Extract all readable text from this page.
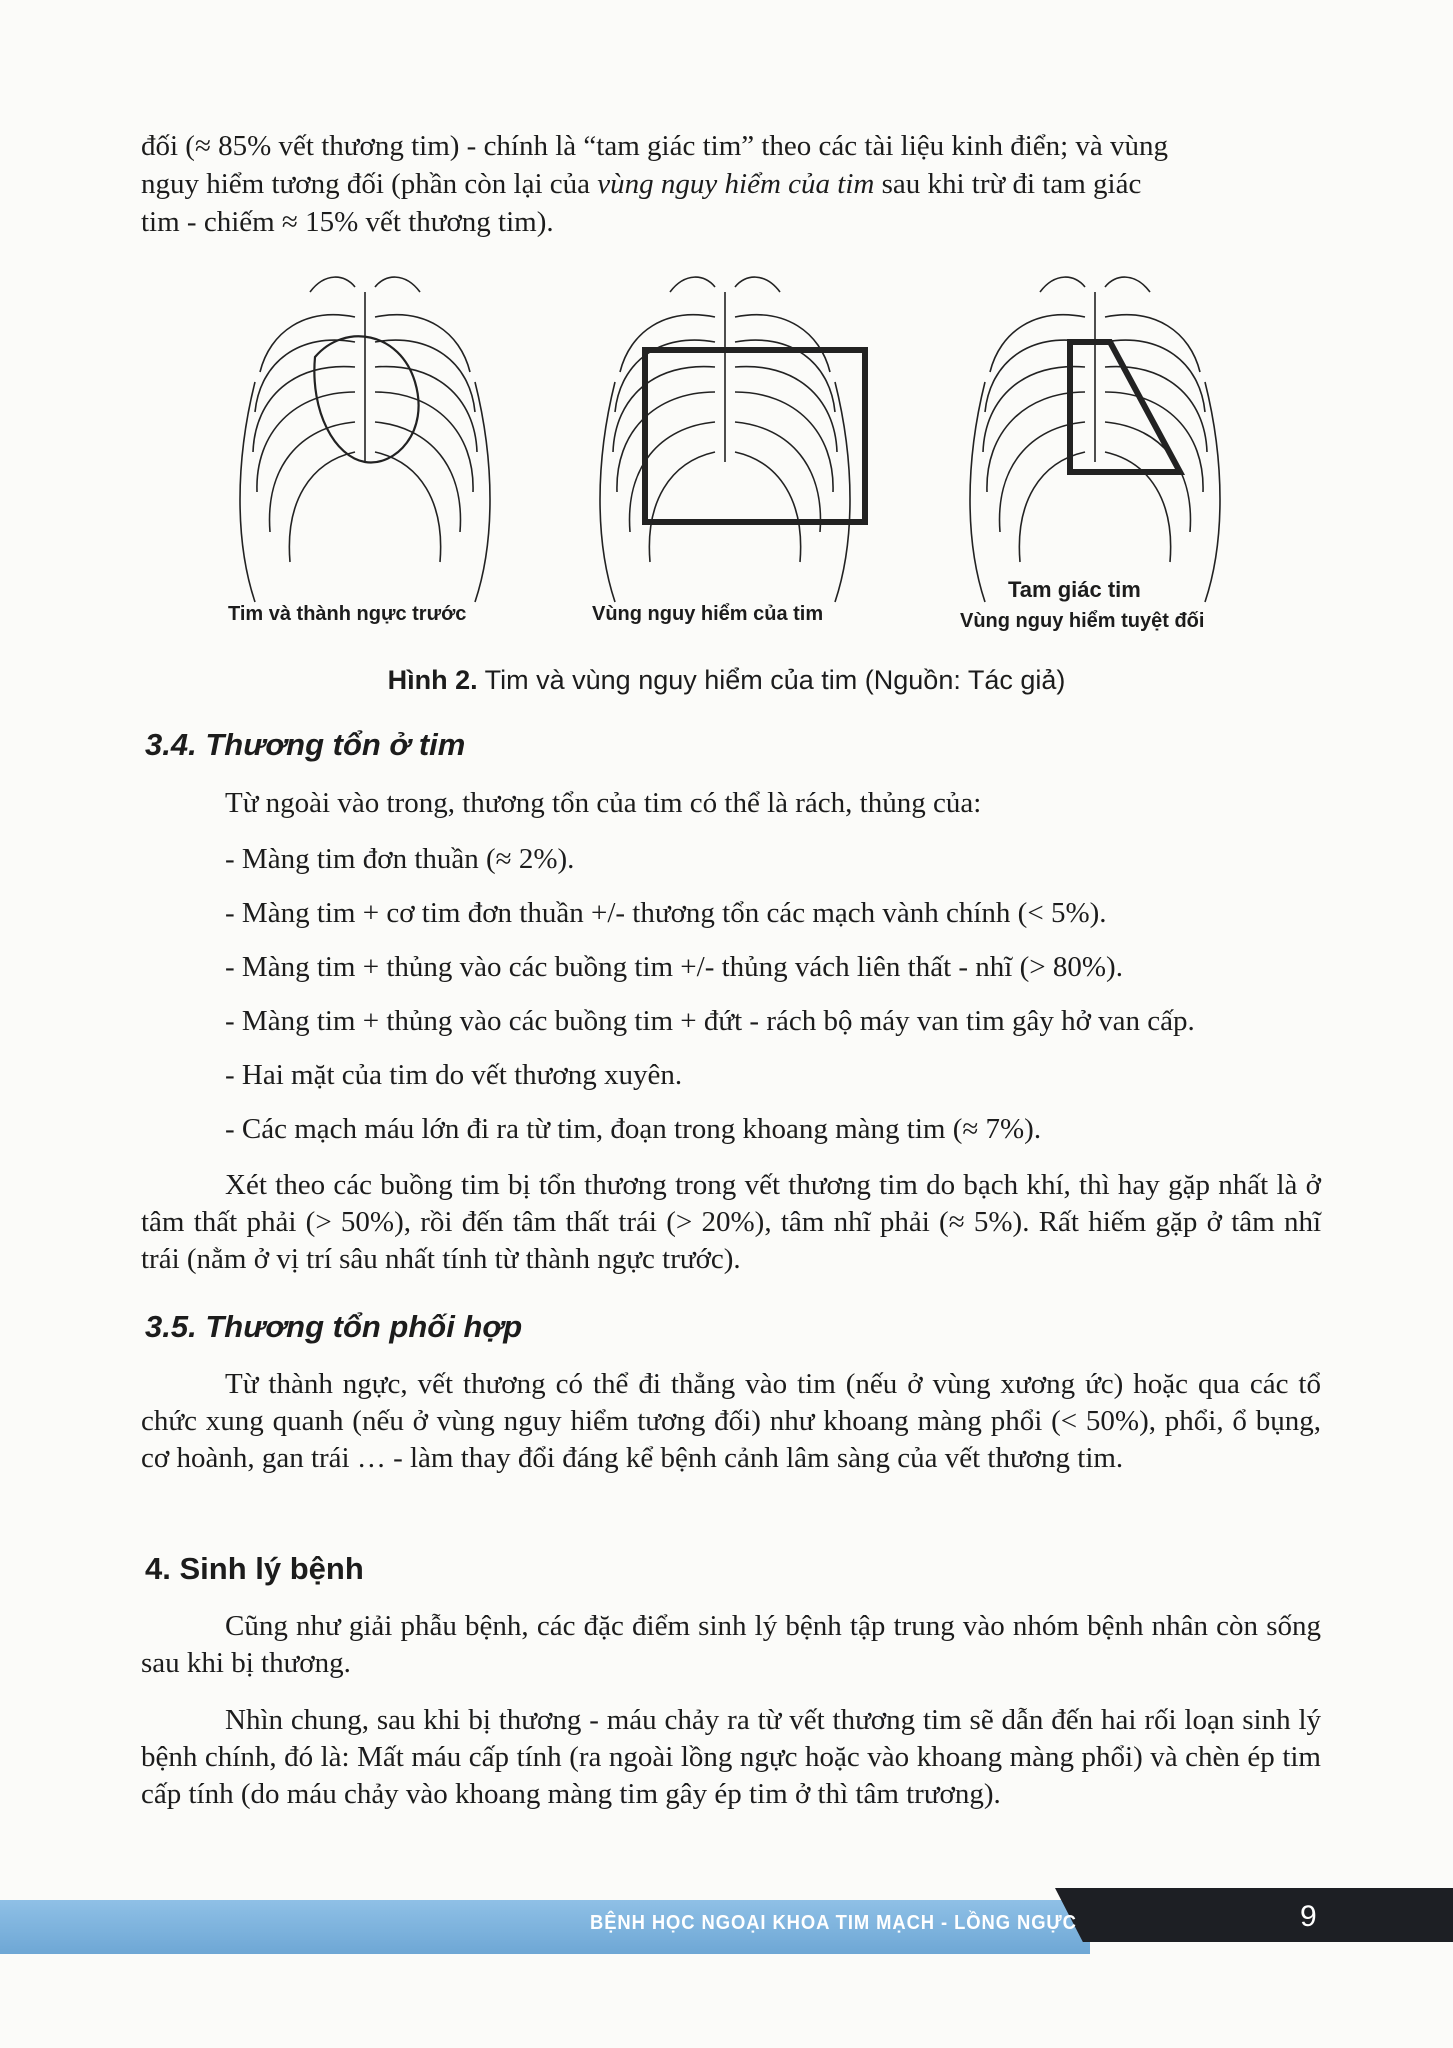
đối (≈ 85% vết thương tim) - chính là “tam giác tim” theo các tài liệu kinh điển; và vùng

nguy hiểm tương đối (phần còn lại của vùng nguy hiểm của tim sau khi trừ đi tam giác

tim - chiếm ≈ 15% vết thương tim).

Tim và thành ngực trước	Vùng nguy hiểm của tim

Tam giác tim

Vùng nguy hiểm tuyệt đối

Hình 2. Tim và vùng nguy hiểm của tim (Nguồn: Tác giả)

3.4. Thương tổn ở tim

Từ ngoài vào trong, thương tổn của tim có thể là rách, thủng của:

- Màng tim đơn thuần (≈ 2%).

- Màng tim + cơ tim đơn thuần +/- thương tổn các mạch vành chính (< 5%).

- Màng tim + thủng vào các buồng tim +/- thủng vách liên thất - nhĩ (> 80%).

- Màng tim + thủng vào các buồng tim + đứt - rách bộ máy van tim gây hở van cấp.

- Hai mặt của tim do vết thương xuyên.

- Các mạch máu lớn đi ra từ tim, đoạn trong khoang màng tim (≈ 7%).

Xét theo các buồng tim bị tổn thương trong vết thương tim do bạch khí, thì hay gặp nhất là ở tâm thất phải (> 50%), rồi đến tâm thất trái (> 20%), tâm nhĩ phải (≈ 5%). Rất hiếm gặp ở tâm nhĩ trái (nằm ở vị trí sâu nhất tính từ thành ngực trước).

3.5. Thương tổn phối hợp

Từ thành ngực, vết thương có thể đi thẳng vào tim (nếu ở vùng xương ức) hoặc qua các tổ chức xung quanh (nếu ở vùng nguy hiểm tương đối) như khoang màng phổi (< 50%), phổi, ổ bụng, cơ hoành, gan trái … - làm thay đổi đáng kể bệnh cảnh lâm sàng của vết thương tim.

4. Sinh lý bệnh

Cũng như giải phẫu bệnh, các đặc điểm sinh lý bệnh tập trung vào nhóm bệnh nhân còn sống sau khi bị thương.

Nhìn chung, sau khi bị thương - máu chảy ra từ vết thương tim sẽ dẫn đến hai rối loạn sinh lý bệnh chính, đó là: Mất máu cấp tính (ra ngoài lồng ngực hoặc vào khoang màng phổi) và chèn ép tim cấp tính (do máu chảy vào khoang màng tim gây ép tim ở thì tâm trương).

BỆNH HỌC NGOẠI KHOA TIM MẠCH - LỒNG NGỰC	9
